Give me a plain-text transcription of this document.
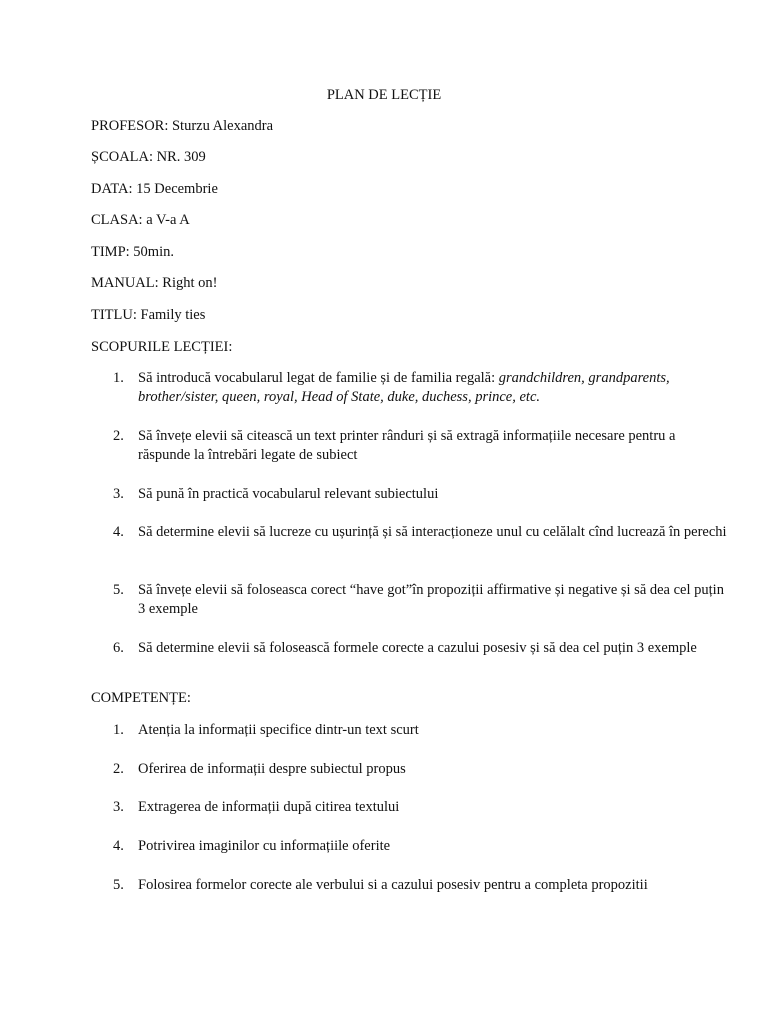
PLAN DE LECȚIE

PROFESOR: Sturzu Alexandra

ȘCOALA: NR. 309

DATA: 15 Decembrie

CLASA: a V-a A

TIMP: 50min.

MANUAL: Right on!

TITLU: Family ties

SCOPURILE LECȚIEI:

1. Să introducă vocabularul legat de familie și de familia regală: grandchildren, grandparents, brother/sister, queen, royal, Head of State, duke, duchess, prince, etc.
2. Să învețe elevii să citească un text printer rânduri și să extragă informațiile necesare pentru a răspunde la întrebări legate de subiect
3. Să pună în practică vocabularul relevant subiectului
4. Să determine elevii să lucreze cu ușurință și să interacționeze unul cu celălalt cînd lucrează în perechi
5. Să învețe elevii să foloseasca corect “have got”în propoziții affirmative și negative și să dea cel puțin 3 exemple
6. Să determine elevii să folosească formele corecte a cazului posesiv și să dea cel puțin 3 exemple

COMPETENȚE:

1. Atenția la informații specifice dintr-un text scurt
2. Oferirea de informații despre subiectul propus
3. Extragerea de informații după citirea textului
4. Potrivirea imaginilor cu informațiile oferite
5. Folosirea formelor corecte ale verbului si a cazului posesiv pentru a completa propozitii
